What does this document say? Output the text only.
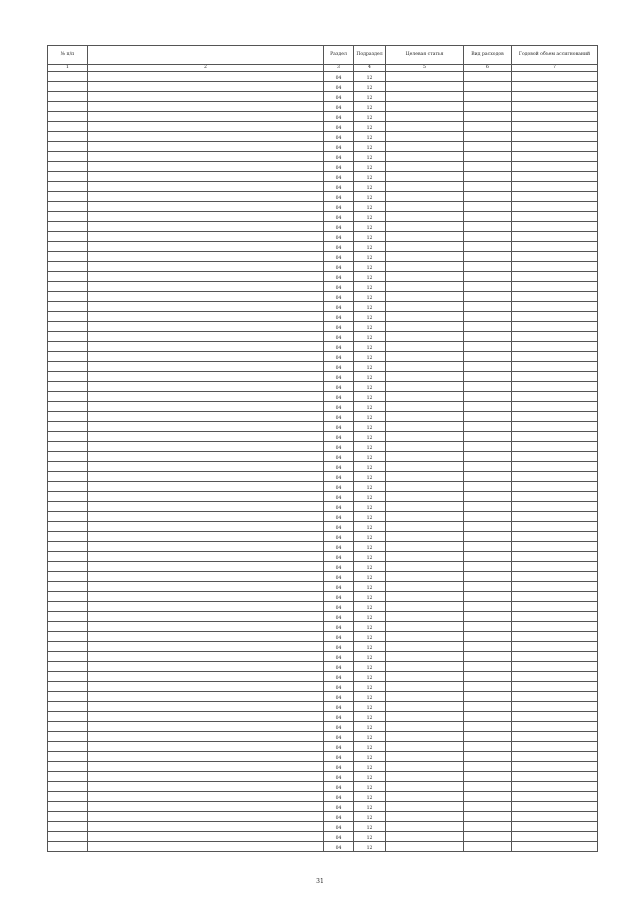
№ п/п		Раздел	Подраздел	Целевая статья	Вид расходов	Годовой объем ассигнований
1	2	3	4	5	6	7
		04	12			
		04	12			
		04	12			
		04	12			
		04	12			
		04	12			
		04	12			
		04	12			
		04	12			
		04	12			
		04	12			
		04	12			
		04	12			
		04	12			
		04	12			
		04	12			
		04	12			
		04	12			
		04	12			
		04	12			
		04	12			
		04	12			
		04	12			
		04	12			
		04	12			
		04	12			
		04	12			
		04	12			
		04	12			
		04	12			
		04	12			
		04	12			
		04	12			
		04	12			
		04	12			
		04	12			
		04	12			
		04	12			
		04	12			
		04	12			
		04	12			
		04	12			
		04	12			
		04	12			
		04	12			
		04	12			
		04	12			
		04	12			
		04	12			
		04	12			
		04	12			
		04	12			
		04	12			
		04	12			
		04	12			
		04	12			
		04	12			
		04	12			
		04	12			
		04	12			
		04	12			
		04	12			
		04	12			
		04	12			
		04	12			
		04	12			
		04	12			
		04	12			
		04	12			
		04	12			
		04	12			
		04	12			
		04	12			
		04	12			
		04	12			
		04	12			
		04	12			
		04	12			
31
